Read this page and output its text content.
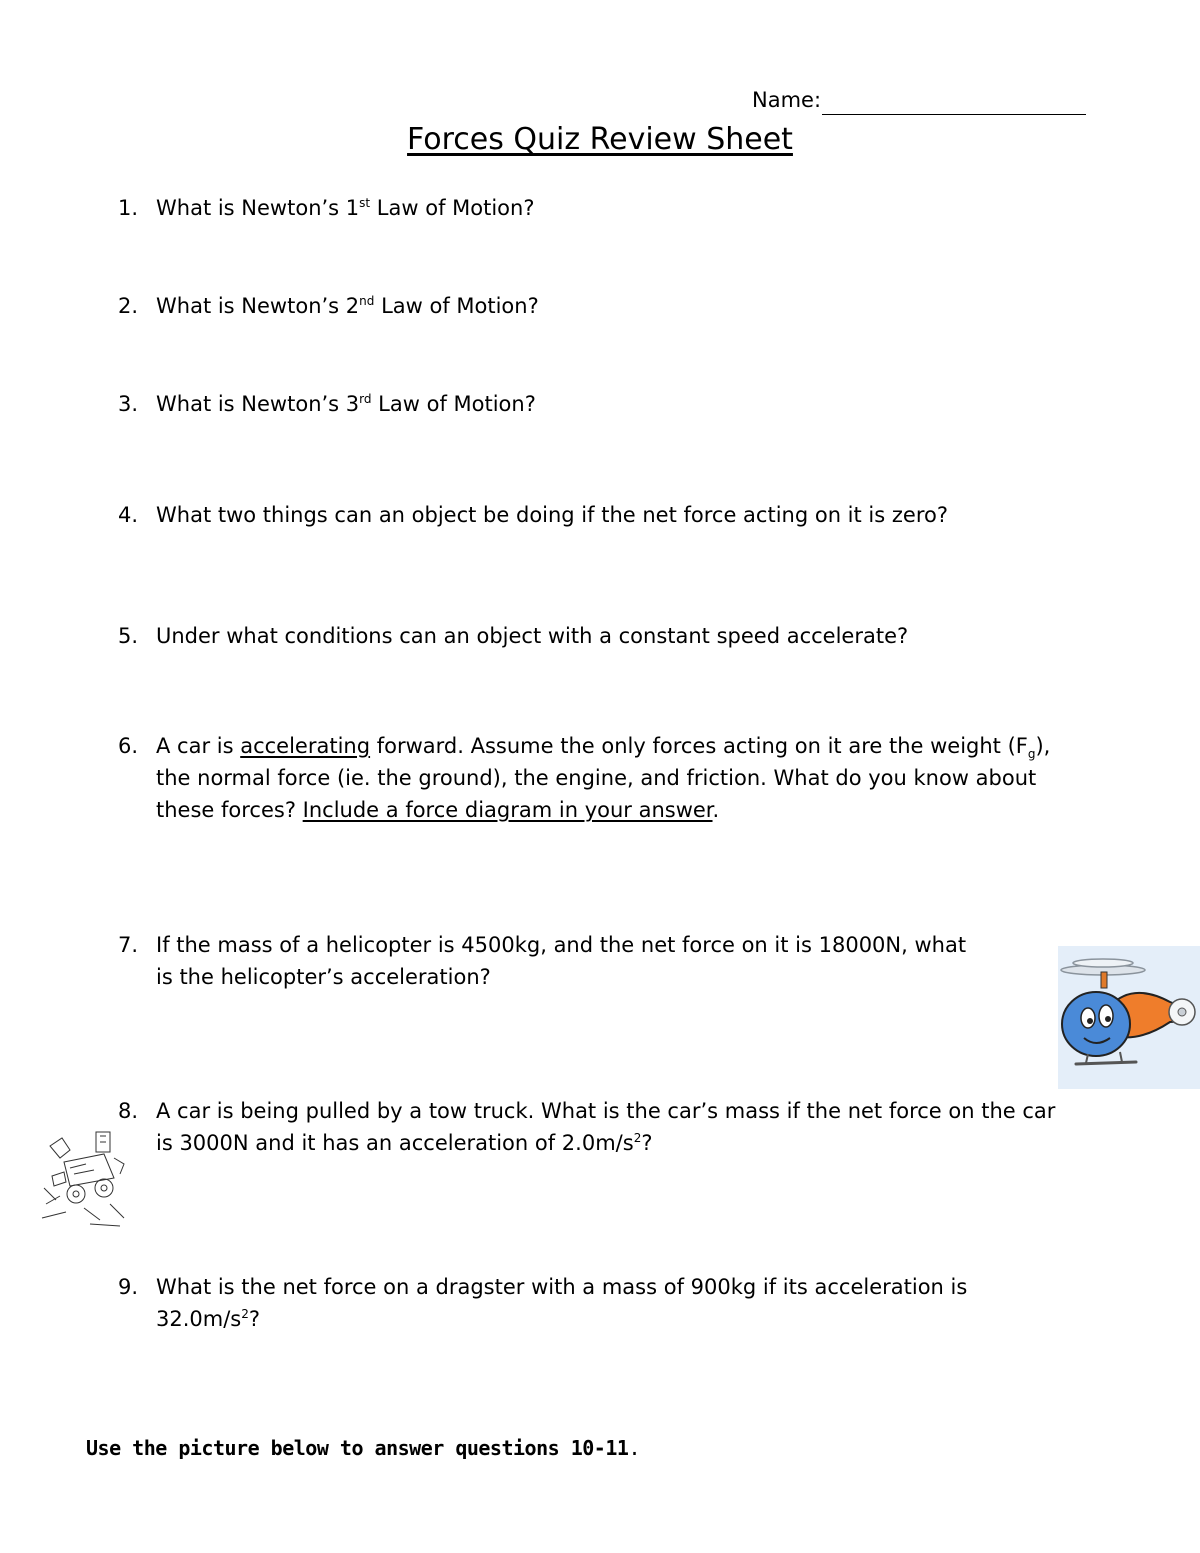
Name:
Forces Quiz Review Sheet
1. What is Newton’s 1st Law of Motion?
2. What is Newton’s 2nd Law of Motion?
3. What is Newton’s 3rd Law of Motion?
4. What two things can an object be doing if the net force acting on it is zero?
5. Under what conditions can an object with a constant speed accelerate?
6. A car is accelerating forward. Assume the only forces acting on it are the weight $(F_g)$,
the normal force (ie. the ground), the engine, and friction. What do you know about
these forces? Include a force diagram in your answer.
7. If the mass of a helicopter is 4500kg, and the net force on it is 18000N, what
is the helicopter’s acceleration?
8. A car is being pulled by a tow truck. What is the car’s mass if the net force on the car
is 3000N and it has an acceleration of $2.0m/s^2$?
9. What is the net force on a dragster with a mass of 900kg if its acceleration is
$32.0m/s^2$?
Use the picture below to answer questions 10-11.
